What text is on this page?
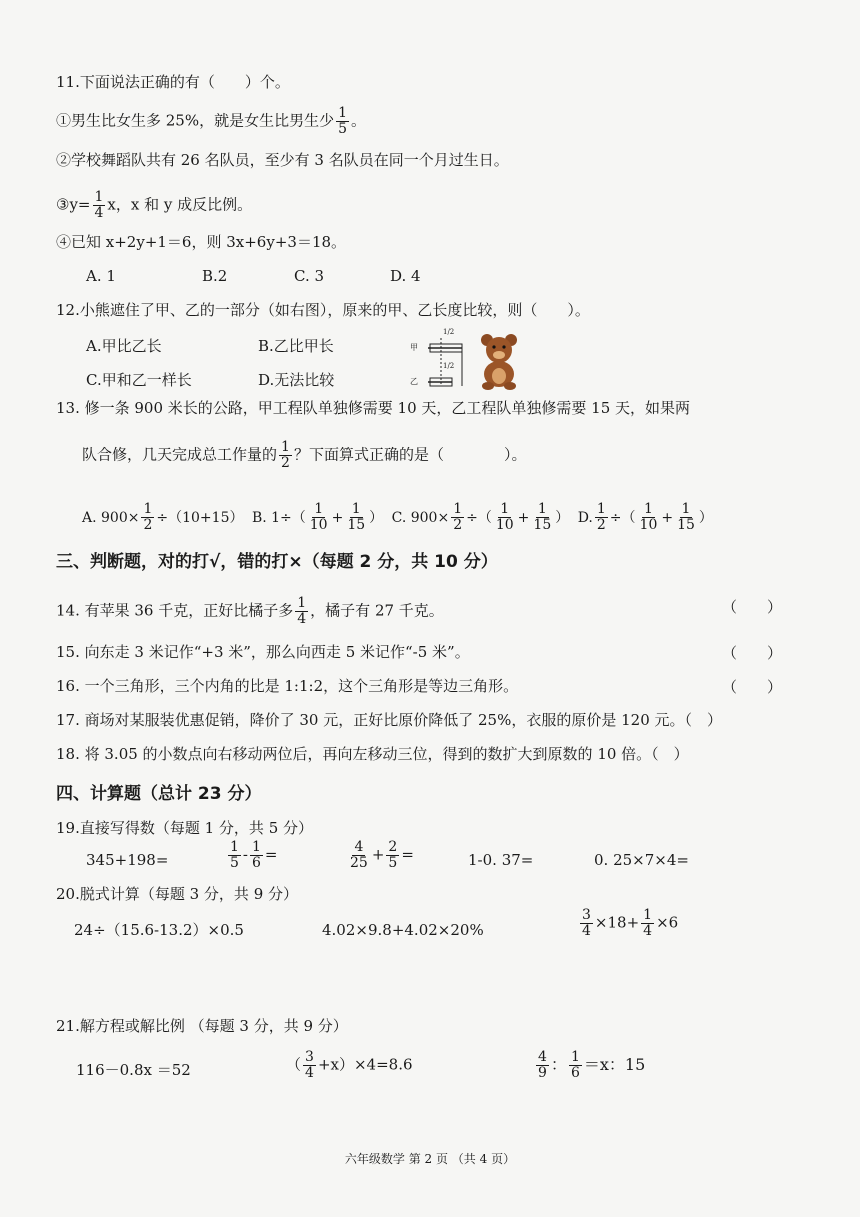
11.下面说法正确的有（　　）个。
①男生比女生多 25%，就是女生比男生少 $\frac{1}{5}$ 。
②学校舞蹈队共有 26 名队员，至少有 3 名队员在同一个月过生日。
③y= $\frac{1}{4}$ x，x 和 y 成反比例。
④已知 x+2y+1＝6，则 3x+6y+3＝18。
A. 1	B.2	C. 3	D. 4
12.小熊遮住了甲、乙的一部分（如右图），原来的甲、乙长度比较，则（　　）。
A.甲比乙长	B.乙比甲长
C.甲和乙一样长	D.无法比较
甲
乙
1/2
1/2
13. 修一条 900 米长的公路，甲工程队单独修需要 10 天，乙工程队单独修需要 15 天，如果两
队合修，几天完成总工作量的 $\frac{1}{2}$ ？下面算式正确的是（　　　　）。
A. $900\times \frac{1}{2} \div(10+15)$ B. $1\div( \frac{1}{10} + \frac{1}{15}$ ） C. $900\times \frac{1}{2}$ ÷（ $\frac{1}{10} + \frac{1}{15}$ ） D. $\frac{1}{2}$ ÷（ $\frac{1}{10} + \frac{1}{15}$ ）
三、判断题，对的打√，错的打×（每题 2 分，共 10 分）
14. 有苹果 36 千克，正好比橘子多 $\frac{1}{4}$ ，橘子有 27 千克。	（　　）
15. 向东走 3 米记作“+3 米”，那么向西走 5 米记作“-5 米”。	（　　）
16. 一个三角形，三个内角的比是 1:1:2，这个三角形是等边三角形。	（　　）
17. 商场对某服装优惠促销，降价了 30 元，正好比原价降低了 25%，衣服的原价是 120 元。（　）
18. 将 3.05 的小数点向右移动两位后，再向左移动三位，得到的数扩大到原数的 10 倍。（　）
四、计算题（总计 23 分）
19.直接写得数（每题 1 分，共 5 分）
345+198=	$\frac{1}{5} - \frac{1}{6}$ =	$\frac{4}{25} + \frac{2}{5}$ =	1-0. 37=	0. 25×7×4=
20.脱式计算（每题 3 分，共 9 分）
24÷（15.6-13.2）×0.5	4.02×9.8+4.02×20%	$\frac{3}{4} \times 18+ \frac{1}{4} \times 6$
21.解方程或解比例 （每题 3 分，共 9 分）
116－0.8x ＝52	（ $\frac{3}{4} +x)\times 4=8.6$	$\frac{4}{9}$ ： $\frac{1}{6} =x$：15
六年级数学 第 2 页 （共 4 页）
